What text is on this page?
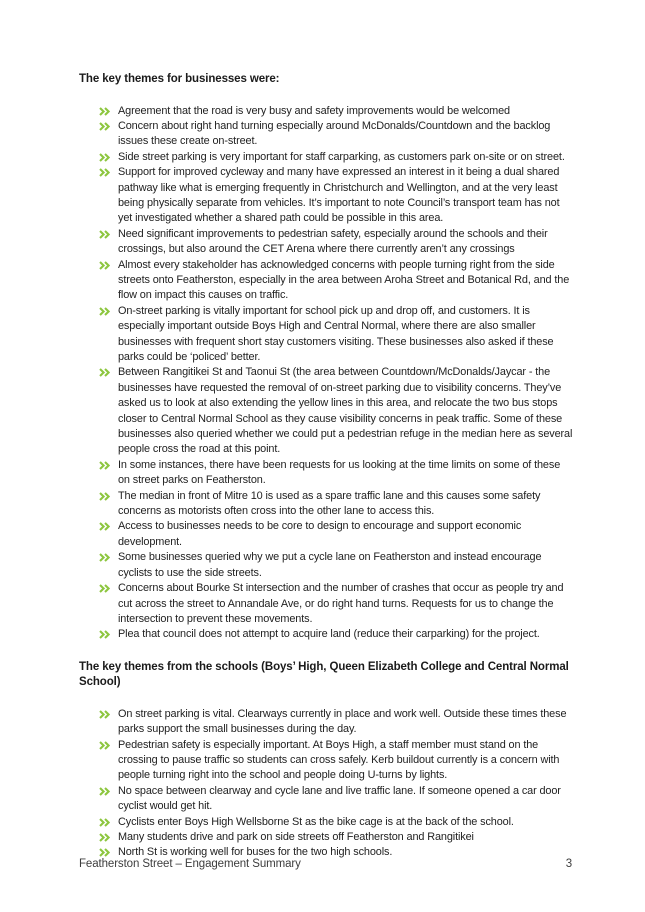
The key themes for businesses were:
Agreement that the road is very busy and safety improvements would be welcomed
Concern about right hand turning especially around McDonalds/Countdown and the backlog issues these create on-street.
Side street parking is very important for staff carparking, as customers park on-site or on street.
Support for improved cycleway and many have expressed an interest in it being a dual shared pathway like what is emerging frequently in Christchurch and Wellington, and at the very least being physically separate from vehicles. It’s important to note Council’s transport team has not yet investigated whether a shared path could be possible in this area.
Need significant improvements to pedestrian safety, especially around the schools and their crossings, but also around the CET Arena where there currently aren’t any crossings
Almost every stakeholder has acknowledged concerns with people turning right from the side streets onto Featherston, especially in the area between Aroha Street and Botanical Rd, and the flow on impact this causes on traffic.
On-street parking is vitally important for school pick up and drop off, and customers. It is especially important outside Boys High and Central Normal, where there are also smaller businesses with frequent short stay customers visiting. These businesses also asked if these parks could be ‘policed’ better.
Between Rangitikei St and Taonui St (the area between Countdown/McDonalds/Jaycar - the businesses have requested the removal of on-street parking due to visibility concerns. They’ve asked us to look at also extending the yellow lines in this area, and relocate the two bus stops closer to Central Normal School as they cause visibility concerns in peak traffic. Some of these businesses also queried whether we could put a pedestrian refuge in the median here as several people cross the road at this point.
In some instances, there have been requests for us looking at the time limits on some of these on street parks on Featherston.
The median in front of Mitre 10 is used as a spare traffic lane and this causes some safety concerns as motorists often cross into the other lane to access this.
Access to businesses needs to be core to design to encourage and support economic development.
Some businesses queried why we put a cycle lane on Featherston and instead encourage cyclists to use the side streets.
Concerns about Bourke St intersection and the number of crashes that occur as people try and cut across the street to Annandale Ave, or do right hand turns. Requests for us to change the intersection to prevent these movements.
Plea that council does not attempt to acquire land (reduce their carparking) for the project.
The key themes from the schools (Boys’ High, Queen Elizabeth College and Central Normal School)
On street parking is vital. Clearways currently in place and work well. Outside these times these parks support the small businesses during the day.
Pedestrian safety is especially important. At Boys High, a staff member must stand on the crossing to pause traffic so students can cross safely. Kerb buildout currently is a concern with people turning right into the school and people doing U-turns by lights.
No space between clearway and cycle lane and live traffic lane. If someone opened a car door cyclist would get hit.
Cyclists enter Boys High Wellsborne St as the bike cage is at the back of the school.
Many students drive and park on side streets off Featherston and Rangitikei
North St is working well for buses for the two high schools.
Featherston Street – Engagement Summary	3
